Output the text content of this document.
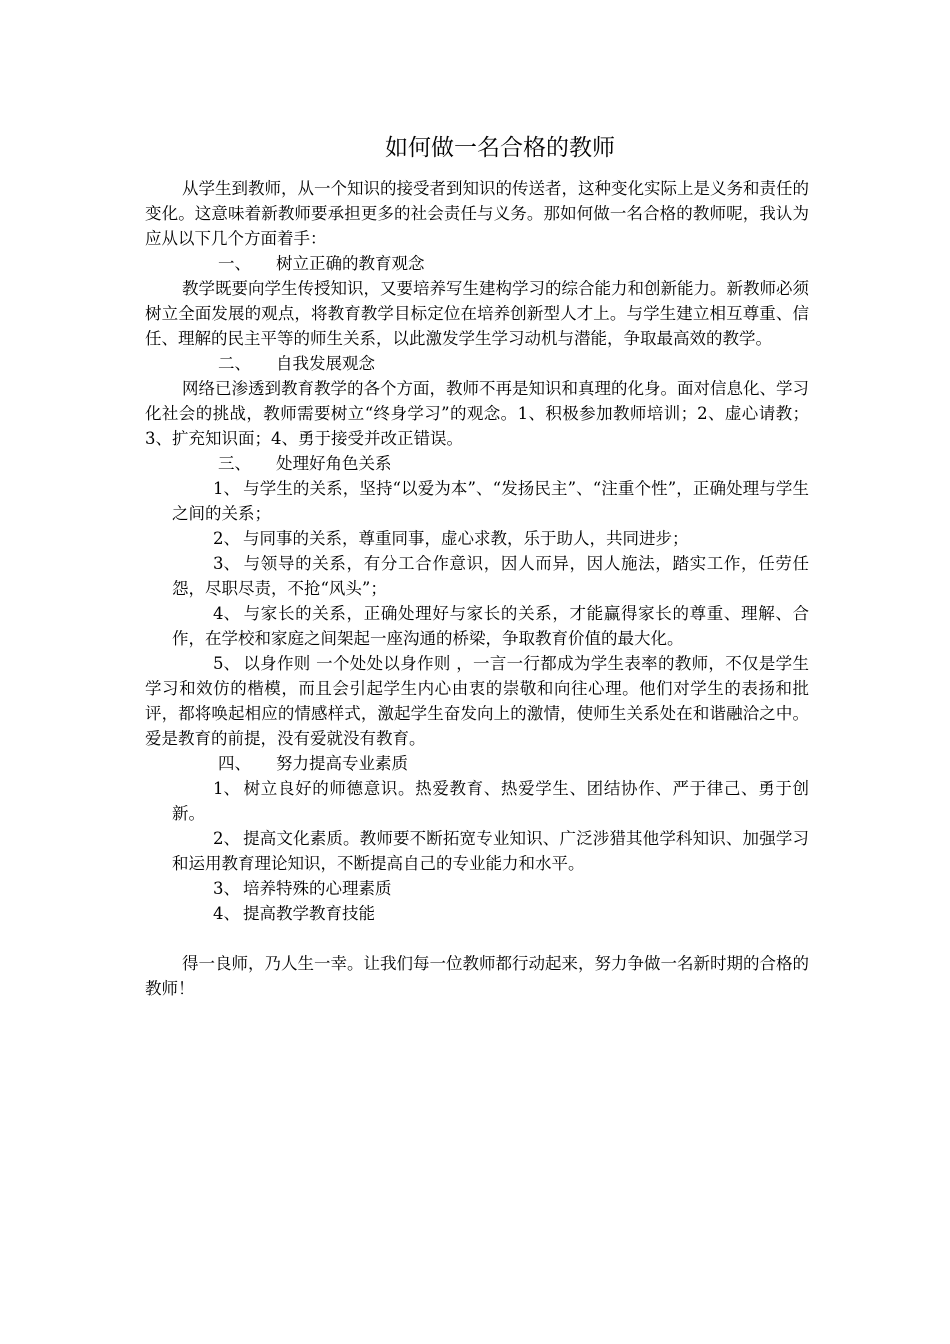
如何做一名合格的教师

从学生到教师，从一个知识的接受者到知识的传送者，这种变化实际上是义务和责任的变化。这意味着新教师要承担更多的社会责任与义务。那如何做一名合格的教师呢，我认为应从以下几个方面着手：

一、 树立正确的教育观念

教学既要向学生传授知识，又要培养写生建构学习的综合能力和创新能力。新教师必须树立全面发展的观点，将教育教学目标定位在培养创新型人才上。与学生建立相互尊重、信任、理解的民主平等的师生关系，以此激发学生学习动机与潜能，争取最高效的教学。

二、 自我发展观念

网络已渗透到教育教学的各个方面，教师不再是知识和真理的化身。面对信息化、学习化社会的挑战，教师需要树立“终身学习”的观念。1、积极参加教师培训；2、虚心请教；3、扩充知识面；4、勇于接受并改正错误。

三、 处理好角色关系

1、 与学生的关系，坚持“以爱为本”、“发扬民主”、“注重个性”，正确处理与学生之间的关系；

2、 与同事的关系，尊重同事，虚心求教，乐于助人，共同进步；

3、 与领导的关系，有分工合作意识，因人而异，因人施法，踏实工作，任劳任怨，尽职尽责，不抢“风头”；

4、 与家长的关系，正确处理好与家长的关系，才能赢得家长的尊重、理解、合作，在学校和家庭之间架起一座沟通的桥梁，争取教育价值的最大化。

5、 以身作则 一个处处以身作则 ，一言一行都成为学生表率的教师，不仅是学生学习和效仿的楷模，而且会引起学生内心由衷的崇敬和向往心理。他们对学生的表扬和批评，都将唤起相应的情感样式，激起学生奋发向上的激情，使师生关系处在和谐融洽之中。爱是教育的前提，没有爱就没有教育。

四、 努力提高专业素质

1、 树立良好的师德意识。热爱教育、热爱学生、团结协作、严于律己、勇于创新。

2、 提高文化素质。教师要不断拓宽专业知识、广泛涉猎其他学科知识、加强学习和运用教育理论知识，不断提高自己的专业能力和水平。

3、 培养特殊的心理素质

4、 提高教学教育技能

得一良师，乃人生一幸。让我们每一位教师都行动起来，努力争做一名新时期的合格的教师！
